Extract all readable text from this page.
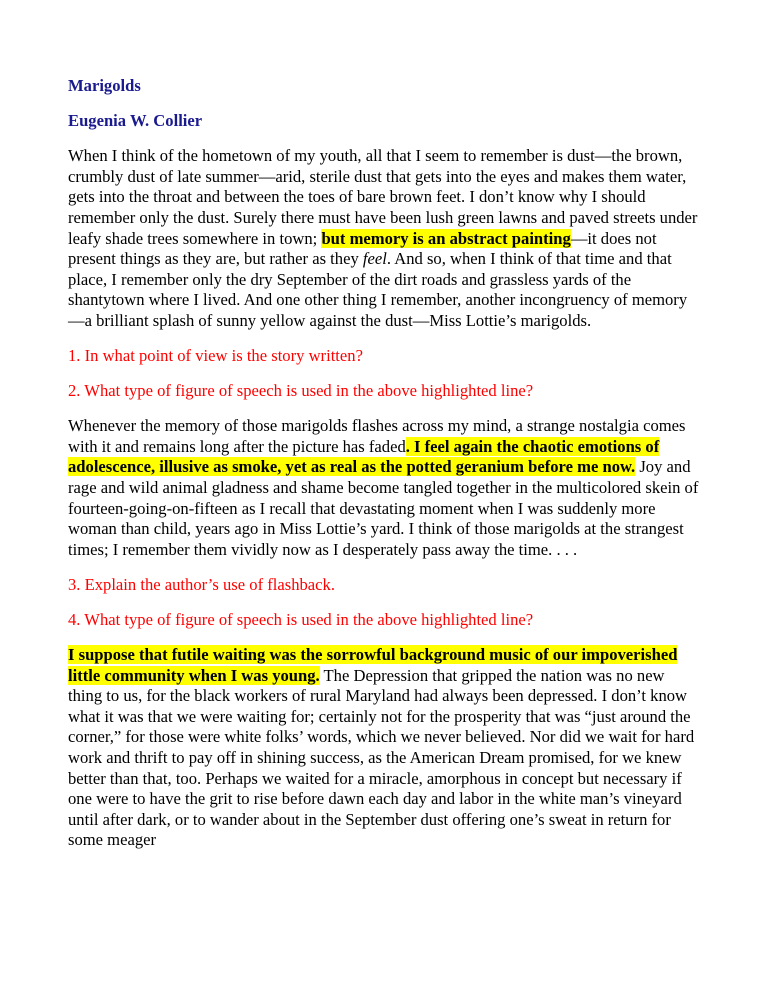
Marigolds

Eugenia W. Collier

When I think of the hometown of my youth, all that I seem to remember is dust—the brown, crumbly dust of late summer—arid, sterile dust that gets into the eyes and makes them water, gets into the throat and between the toes of bare brown feet. I don’t know why I should remember only the dust. Surely there must have been lush green lawns and paved streets under leafy shade trees somewhere in town; but memory is an abstract painting—it does not present things as they are, but rather as they feel. And so, when I think of that time and that place, I remember only the dry September of the dirt roads and grassless yards of the shantytown where I lived. And one other thing I remember, another incongruency of memory—a brilliant splash of sunny yellow against the dust—Miss Lottie’s marigolds.

1. In what point of view is the story written?

2. What type of figure of speech is used in the above highlighted line?

Whenever the memory of those marigolds flashes across my mind, a strange nostalgia comes with it and remains long after the picture has faded. I feel again the chaotic emotions of adolescence, illusive as smoke, yet as real as the potted geranium before me now. Joy and rage and wild animal gladness and shame become tangled together in the multicolored skein of fourteen-going-on-fifteen as I recall that devastating moment when I was suddenly more woman than child, years ago in Miss Lottie’s yard. I think of those marigolds at the strangest times; I remember them vividly now as I desperately pass away the time. . . .

3. Explain the author’s use of flashback.

4. What type of figure of speech is used in the above highlighted line?

I suppose that futile waiting was the sorrowful background music of our impoverished little community when I was young. The Depression that gripped the nation was no new thing to us, for the black workers of rural Maryland had always been depressed. I don’t know what it was that we were waiting for; certainly not for the prosperity that was “just around the corner,” for those were white folks’ words, which we never believed. Nor did we wait for hard work and thrift to pay off in shining success, as the American Dream promised, for we knew better than that, too. Perhaps we waited for a miracle, amorphous in concept but necessary if one were to have the grit to rise before dawn each day and labor in the white man’s vineyard until after dark, or to wander about in the September dust offering one’s sweat in return for some meager
